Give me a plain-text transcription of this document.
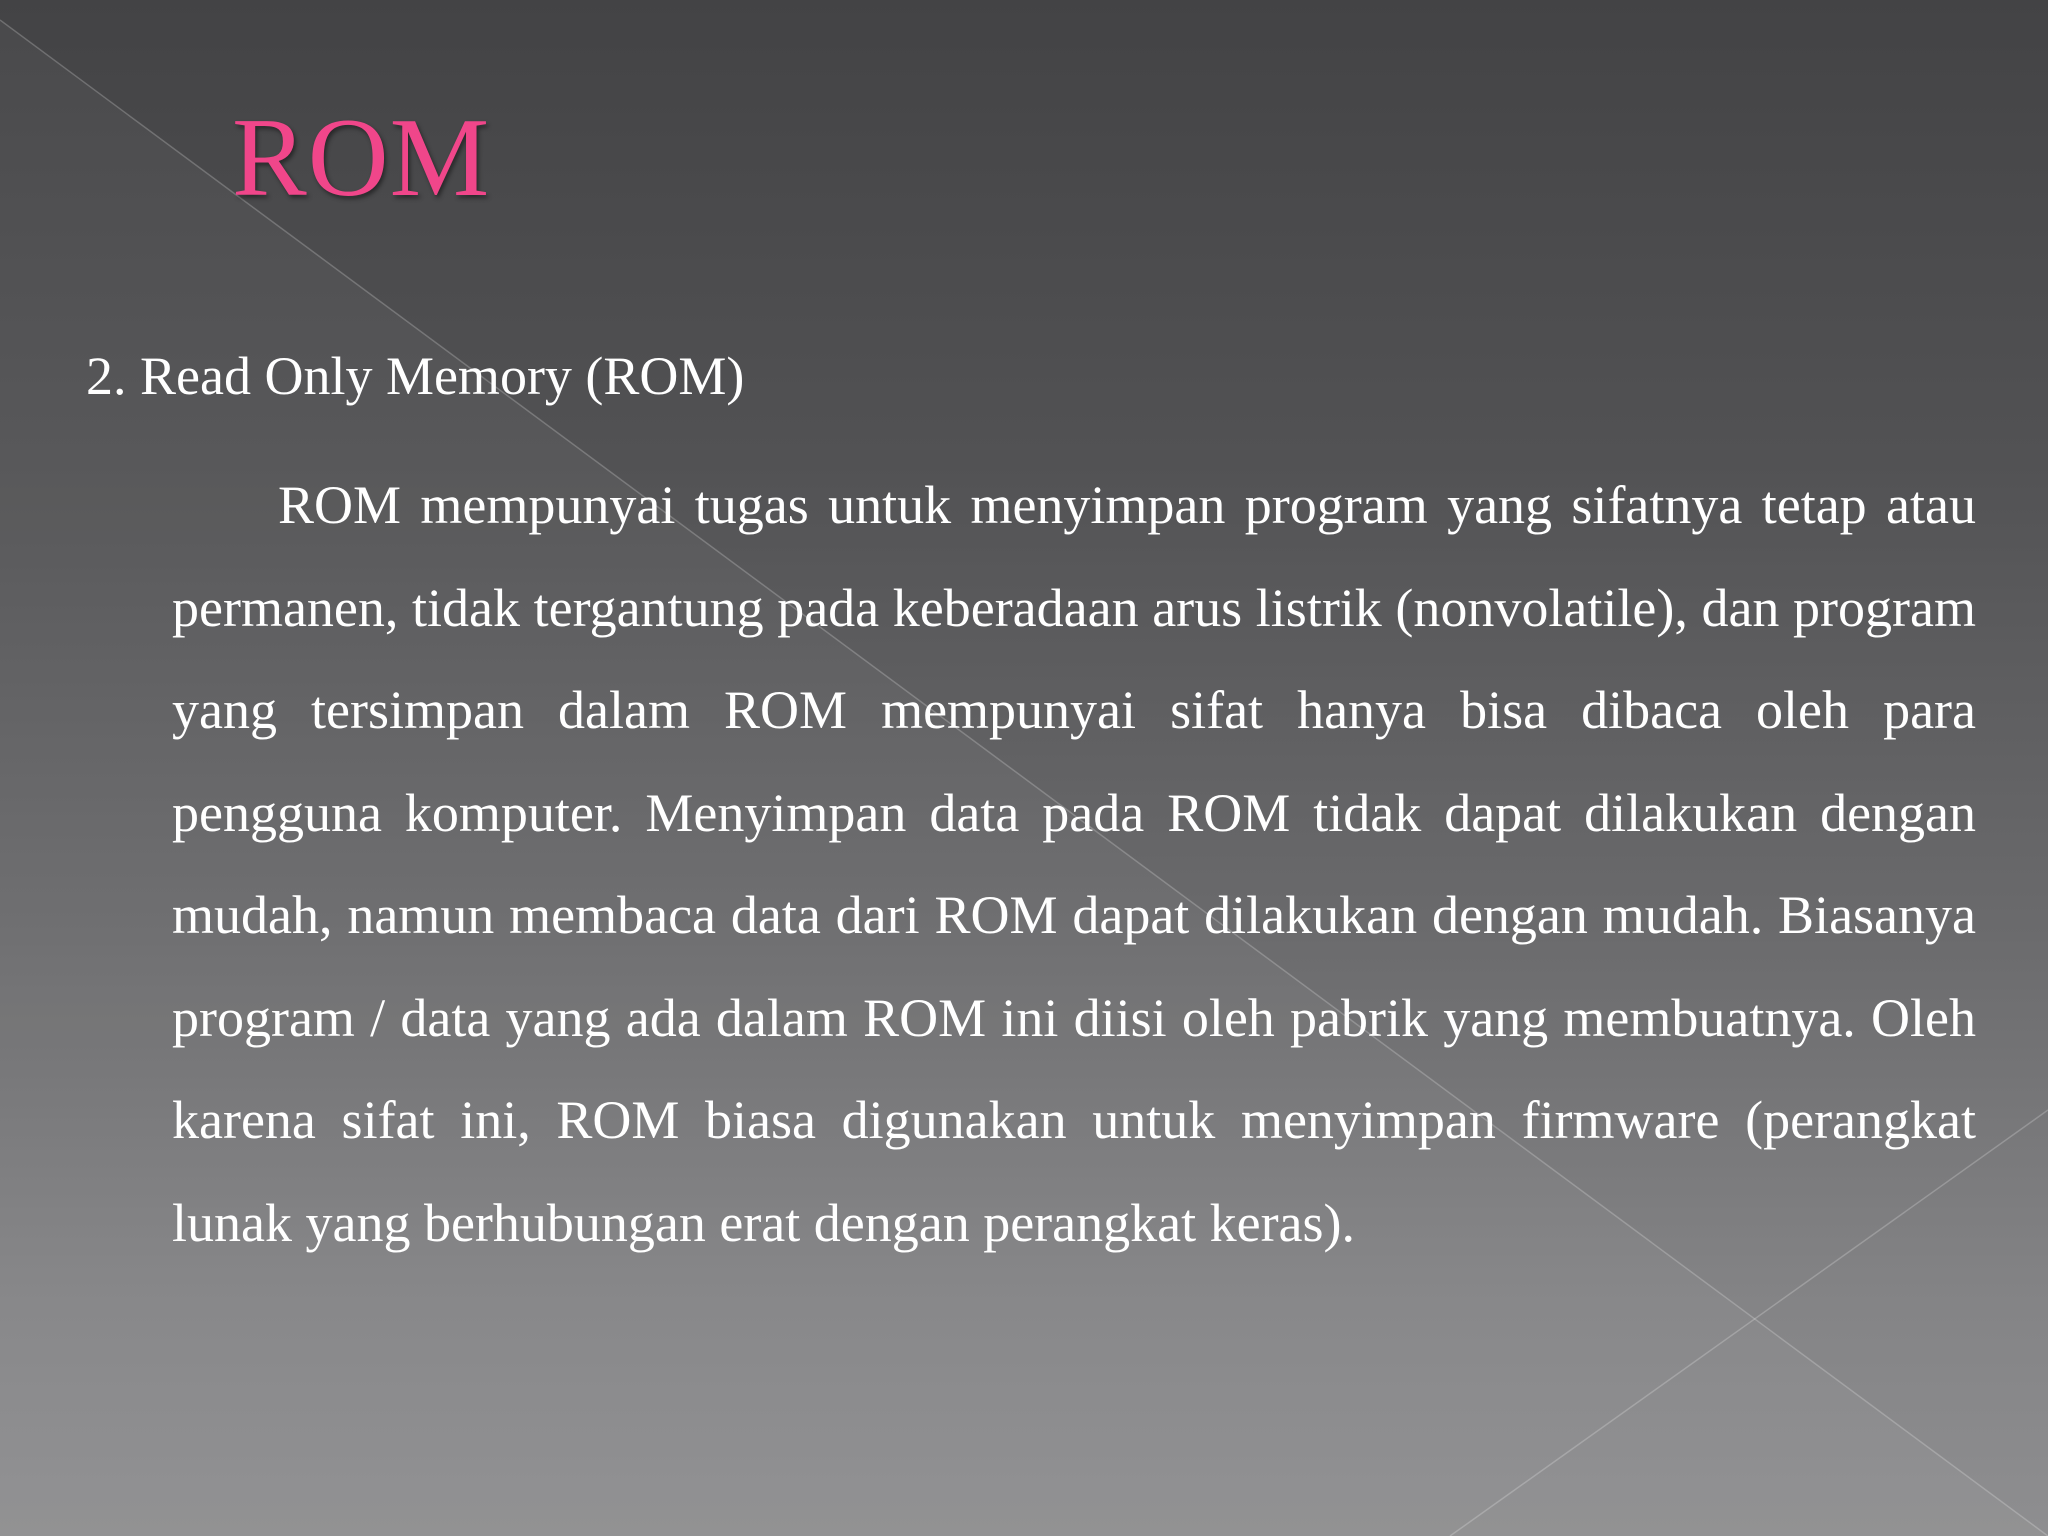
ROM

2. Read Only Memory (ROM)

ROM mempunyai tugas untuk menyimpan program yang sifatnya tetap atau permanen, tidak tergantung pada keberadaan arus listrik (nonvolatile), dan program yang tersimpan dalam ROM mempunyai sifat hanya bisa dibaca oleh para pengguna komputer. Menyimpan data pada ROM tidak dapat dilakukan dengan mudah, namun membaca data dari ROM dapat dilakukan dengan mudah. Biasanya program / data yang ada dalam ROM ini diisi oleh pabrik yang membuatnya. Oleh karena sifat ini, ROM biasa digunakan untuk menyimpan firmware (perangkat lunak yang berhubungan erat dengan perangkat keras).
